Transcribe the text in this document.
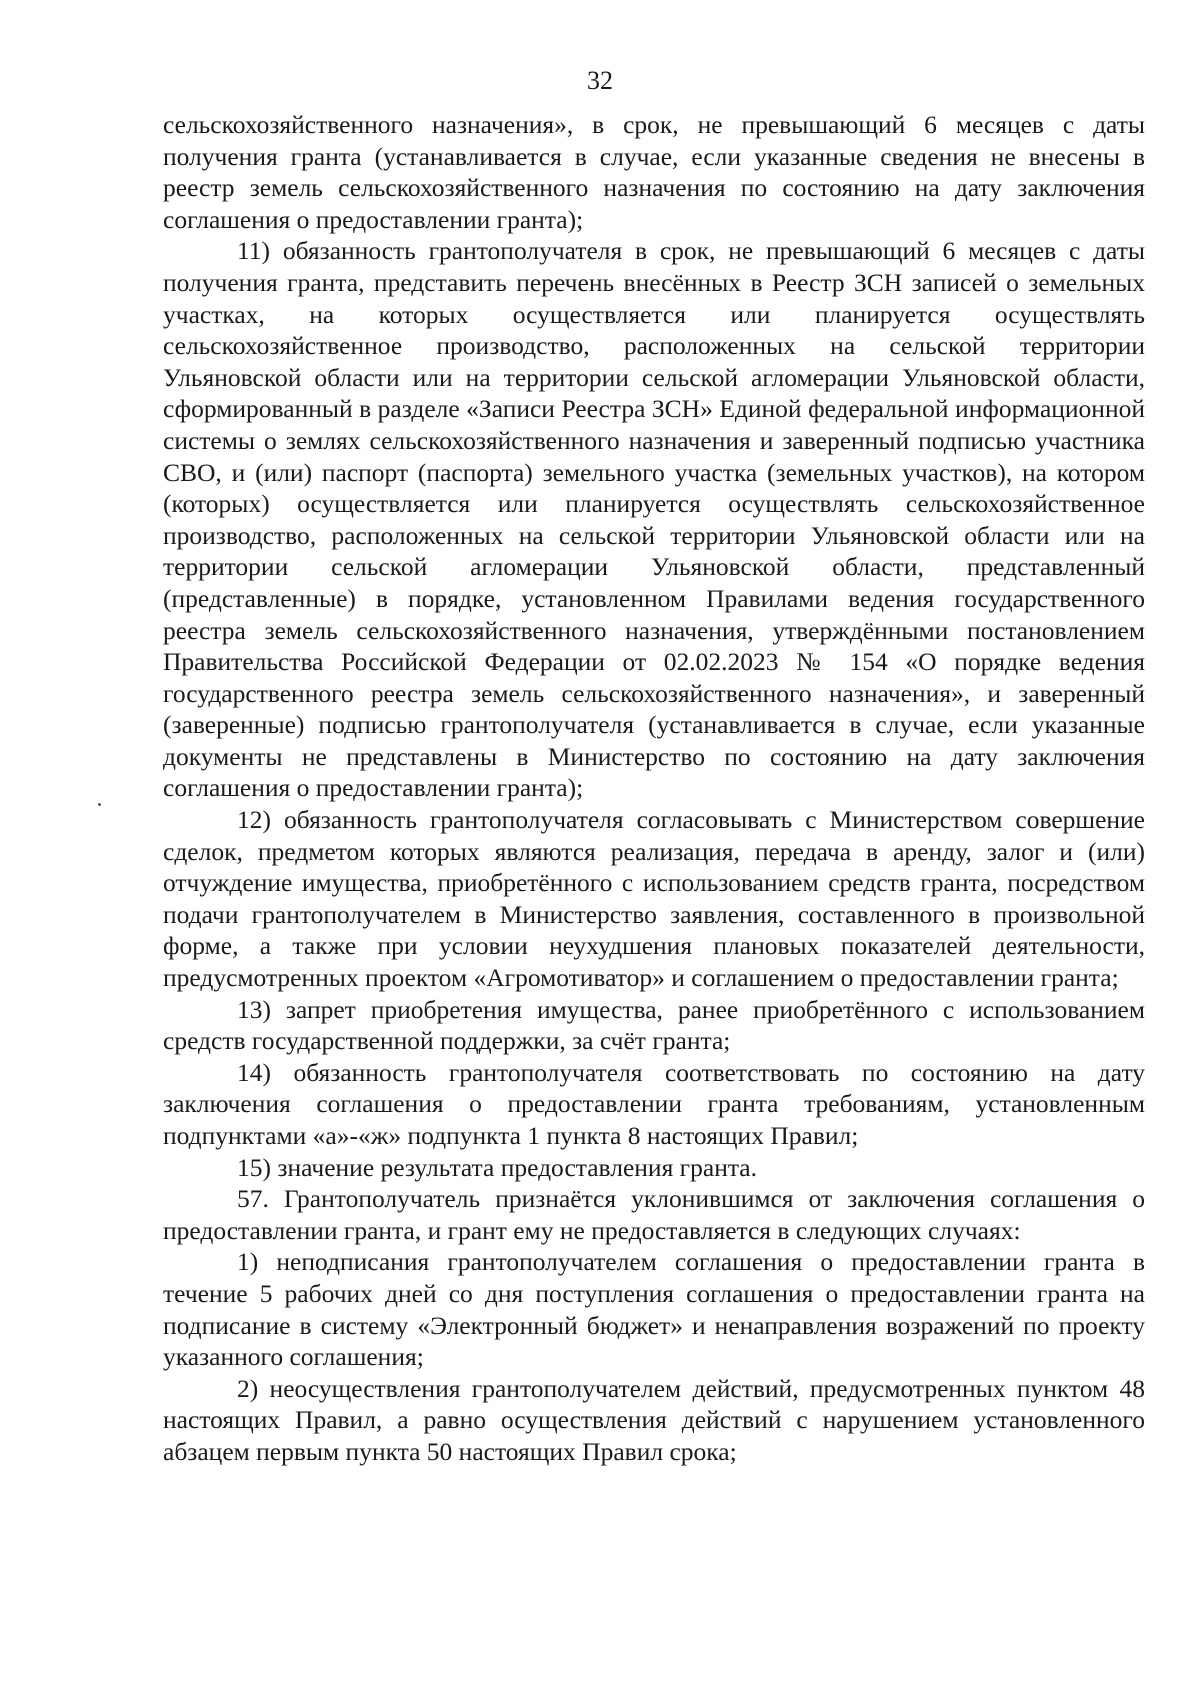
32

сельскохозяйственного назначения», в срок, не превышающий 6 месяцев с даты получения гранта (устанавливается в случае, если указанные сведения не внесены в реестр земель сельскохозяйственного назначения по состоянию на дату заключения соглашения о предоставлении гранта);

11) обязанность грантополучателя в срок, не превышающий 6 месяцев с даты получения гранта, представить перечень внесённых в Реестр ЗСН записей о земельных участках, на которых осуществляется или планируется осуществлять сельскохозяйственное производство, расположенных на сельской территории Ульяновской области или на территории сельской агломерации Ульяновской области, сформированный в разделе «Записи Реестра ЗСН» Единой федеральной информационной системы о землях сельскохозяйственного назначения и заверенный подписью участника СВО, и (или) паспорт (паспорта) земельного участка (земельных участков), на котором (которых) осуществляется или планируется осуществлять сельскохозяйственное производство, расположенных на сельской территории Ульяновской области или на территории сельской агломерации Ульяновской области, представленный (представленные) в порядке, установленном Правилами ведения государственного реестра земель сельскохозяйственного назначения, утверждёнными постановлением Правительства Российской Федерации от 02.02.2023 № 154 «О порядке ведения государственного реестра земель сельскохозяйственного назначения», и заверенный (заверенные) подписью грантополучателя (устанавливается в случае, если указанные документы не представлены в Министерство по состоянию на дату заключения соглашения о предоставлении гранта);

12) обязанность грантополучателя согласовывать с Министерством совершение сделок, предметом которых являются реализация, передача в аренду, залог и (или) отчуждение имущества, приобретённого с использованием средств гранта, посредством подачи грантополучателем в Министерство заявления, составленного в произвольной форме, а также при условии неухудшения плановых показателей деятельности, предусмотренных проектом «Агромотиватор» и соглашением о предоставлении гранта;

13) запрет приобретения имущества, ранее приобретённого с использованием средств государственной поддержки, за счёт гранта;

14) обязанность грантополучателя соответствовать по состоянию на дату заключения соглашения о предоставлении гранта требованиям, установленным подпунктами «а»-«ж» подпункта 1 пункта 8 настоящих Правил;

15) значение результата предоставления гранта.

57. Грантополучатель признаётся уклонившимся от заключения соглашения о предоставлении гранта, и грант ему не предоставляется в следующих случаях:

1) неподписания грантополучателем соглашения о предоставлении гранта в течение 5 рабочих дней со дня поступления соглашения о предоставлении гранта на подписание в систему «Электронный бюджет» и ненаправления возражений по проекту указанного соглашения;

2) неосуществления грантополучателем действий, предусмотренных пунктом 48 настоящих Правил, а равно осуществления действий с нарушением установленного абзацем первым пункта 50 настоящих Правил срока;
